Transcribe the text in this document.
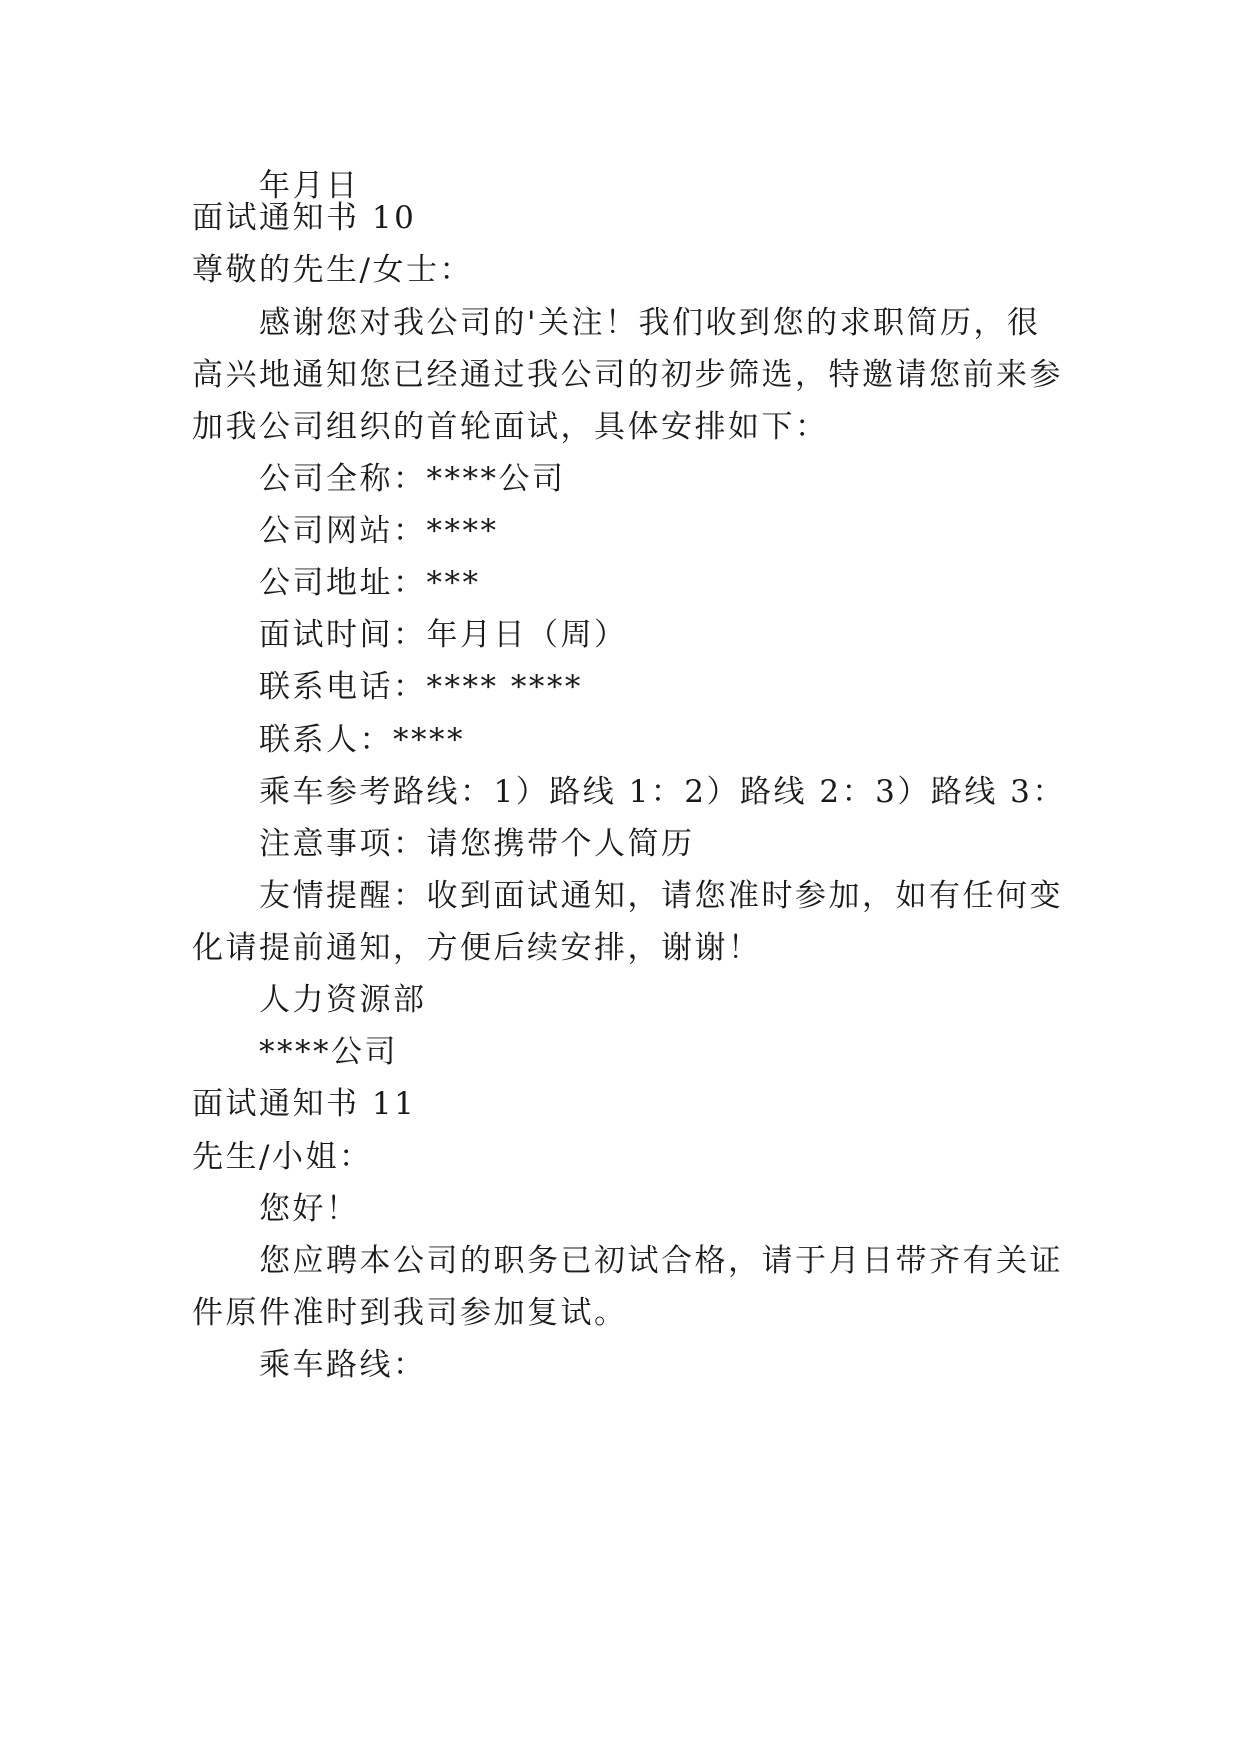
年月日
面试通知书 10
尊敬的先生/女士：
感谢您对我公司的'关注！我们收到您的求职简历，很
高兴地通知您已经通过我公司的初步筛选，特邀请您前来参
加我公司组织的首轮面试，具体安排如下：
公司全称：****公司
公司网站：****
公司地址：***
面试时间：年月日（周）
联系电话：**** ****
联系人：****
乘车参考路线：1）路线 1：2）路线 2：3）路线 3：
注意事项：请您携带个人简历
友情提醒：收到面试通知，请您准时参加，如有任何变
化请提前通知，方便后续安排，谢谢！
人力资源部
****公司
面试通知书 11
先生/小姐：
您好！
您应聘本公司的职务已初试合格，请于月日带齐有关证
件原件准时到我司参加复试。
乘车路线：
